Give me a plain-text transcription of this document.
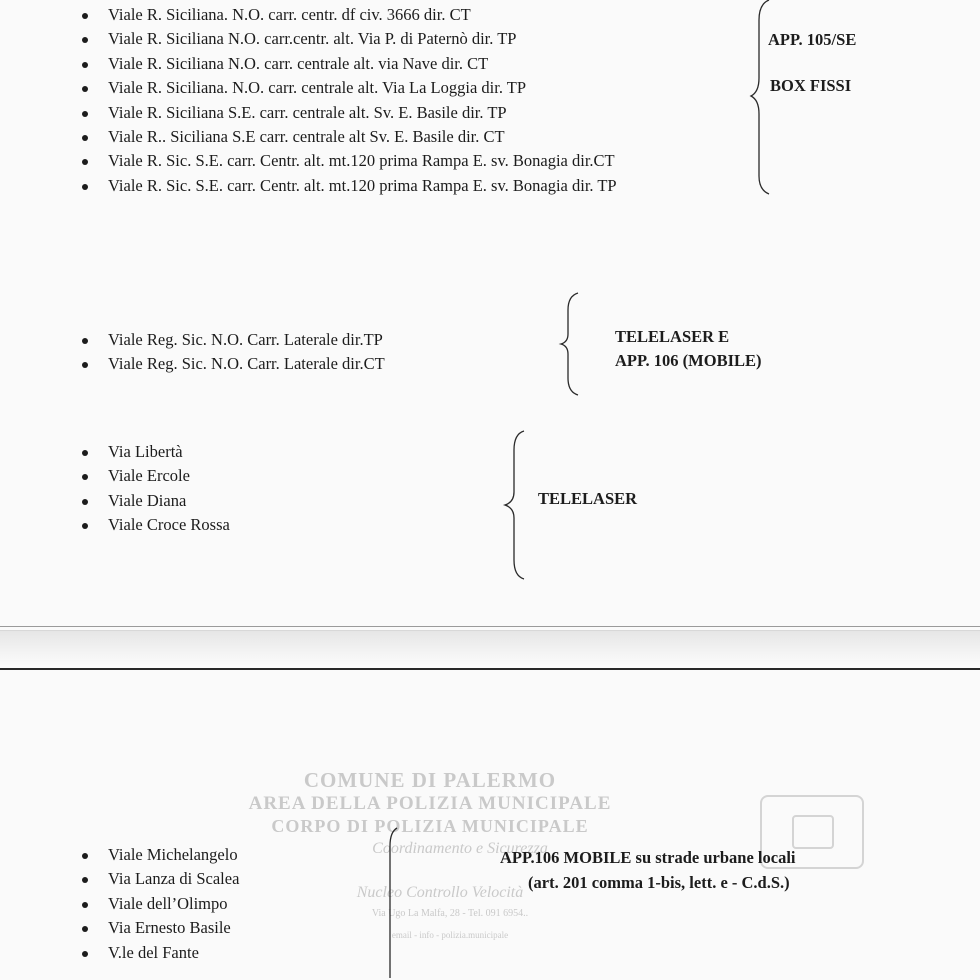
Viale R. Siciliana. N.O. carr. centr. df civ. 3666 dir. CT
Viale R. Siciliana N.O. carr.centr. alt. Via P. di Paternò dir. TP
Viale R. Siciliana N.O. carr. centrale alt. via Nave dir. CT
Viale R. Siciliana. N.O. carr. centrale alt. Via La Loggia dir. TP
Viale R. Siciliana S.E. carr. centrale alt. Sv. E. Basile dir. TP
Viale R.. Siciliana S.E carr. centrale alt Sv. E. Basile dir. CT
Viale R. Sic. S.E. carr. Centr. alt. mt.120 prima Rampa E. sv. Bonagia dir.CT
Viale R. Sic. S.E. carr. Centr. alt. mt.120 prima Rampa E. sv. Bonagia dir. TP
APP. 105/SE
BOX FISSI
Viale Reg. Sic. N.O. Carr. Laterale dir.TP
Viale Reg. Sic. N.O. Carr. Laterale dir.CT
TELELASER E
APP. 106 (MOBILE)
Via Libertà
Viale Ercole
Viale Diana
Viale Croce Rossa
TELELASER
COMUNE DI PALERMO
AREA DELLA POLIZIA MUNICIPALE
CORPO DI POLIZIA MUNICIPALE
Coordinamento e Sicurezza
Nucleo Controllo Velocità
Via Ugo La Malfa, 28 - Tel. 091 6954..
email - info - polizia.municipale
Viale Michelangelo
Via Lanza di Scalea
Viale dell’Olimpo
Via Ernesto Basile
V.le del Fante
APP.106 MOBILE su strade urbane locali
(art. 201 comma 1-bis, lett. e - C.d.S.)
